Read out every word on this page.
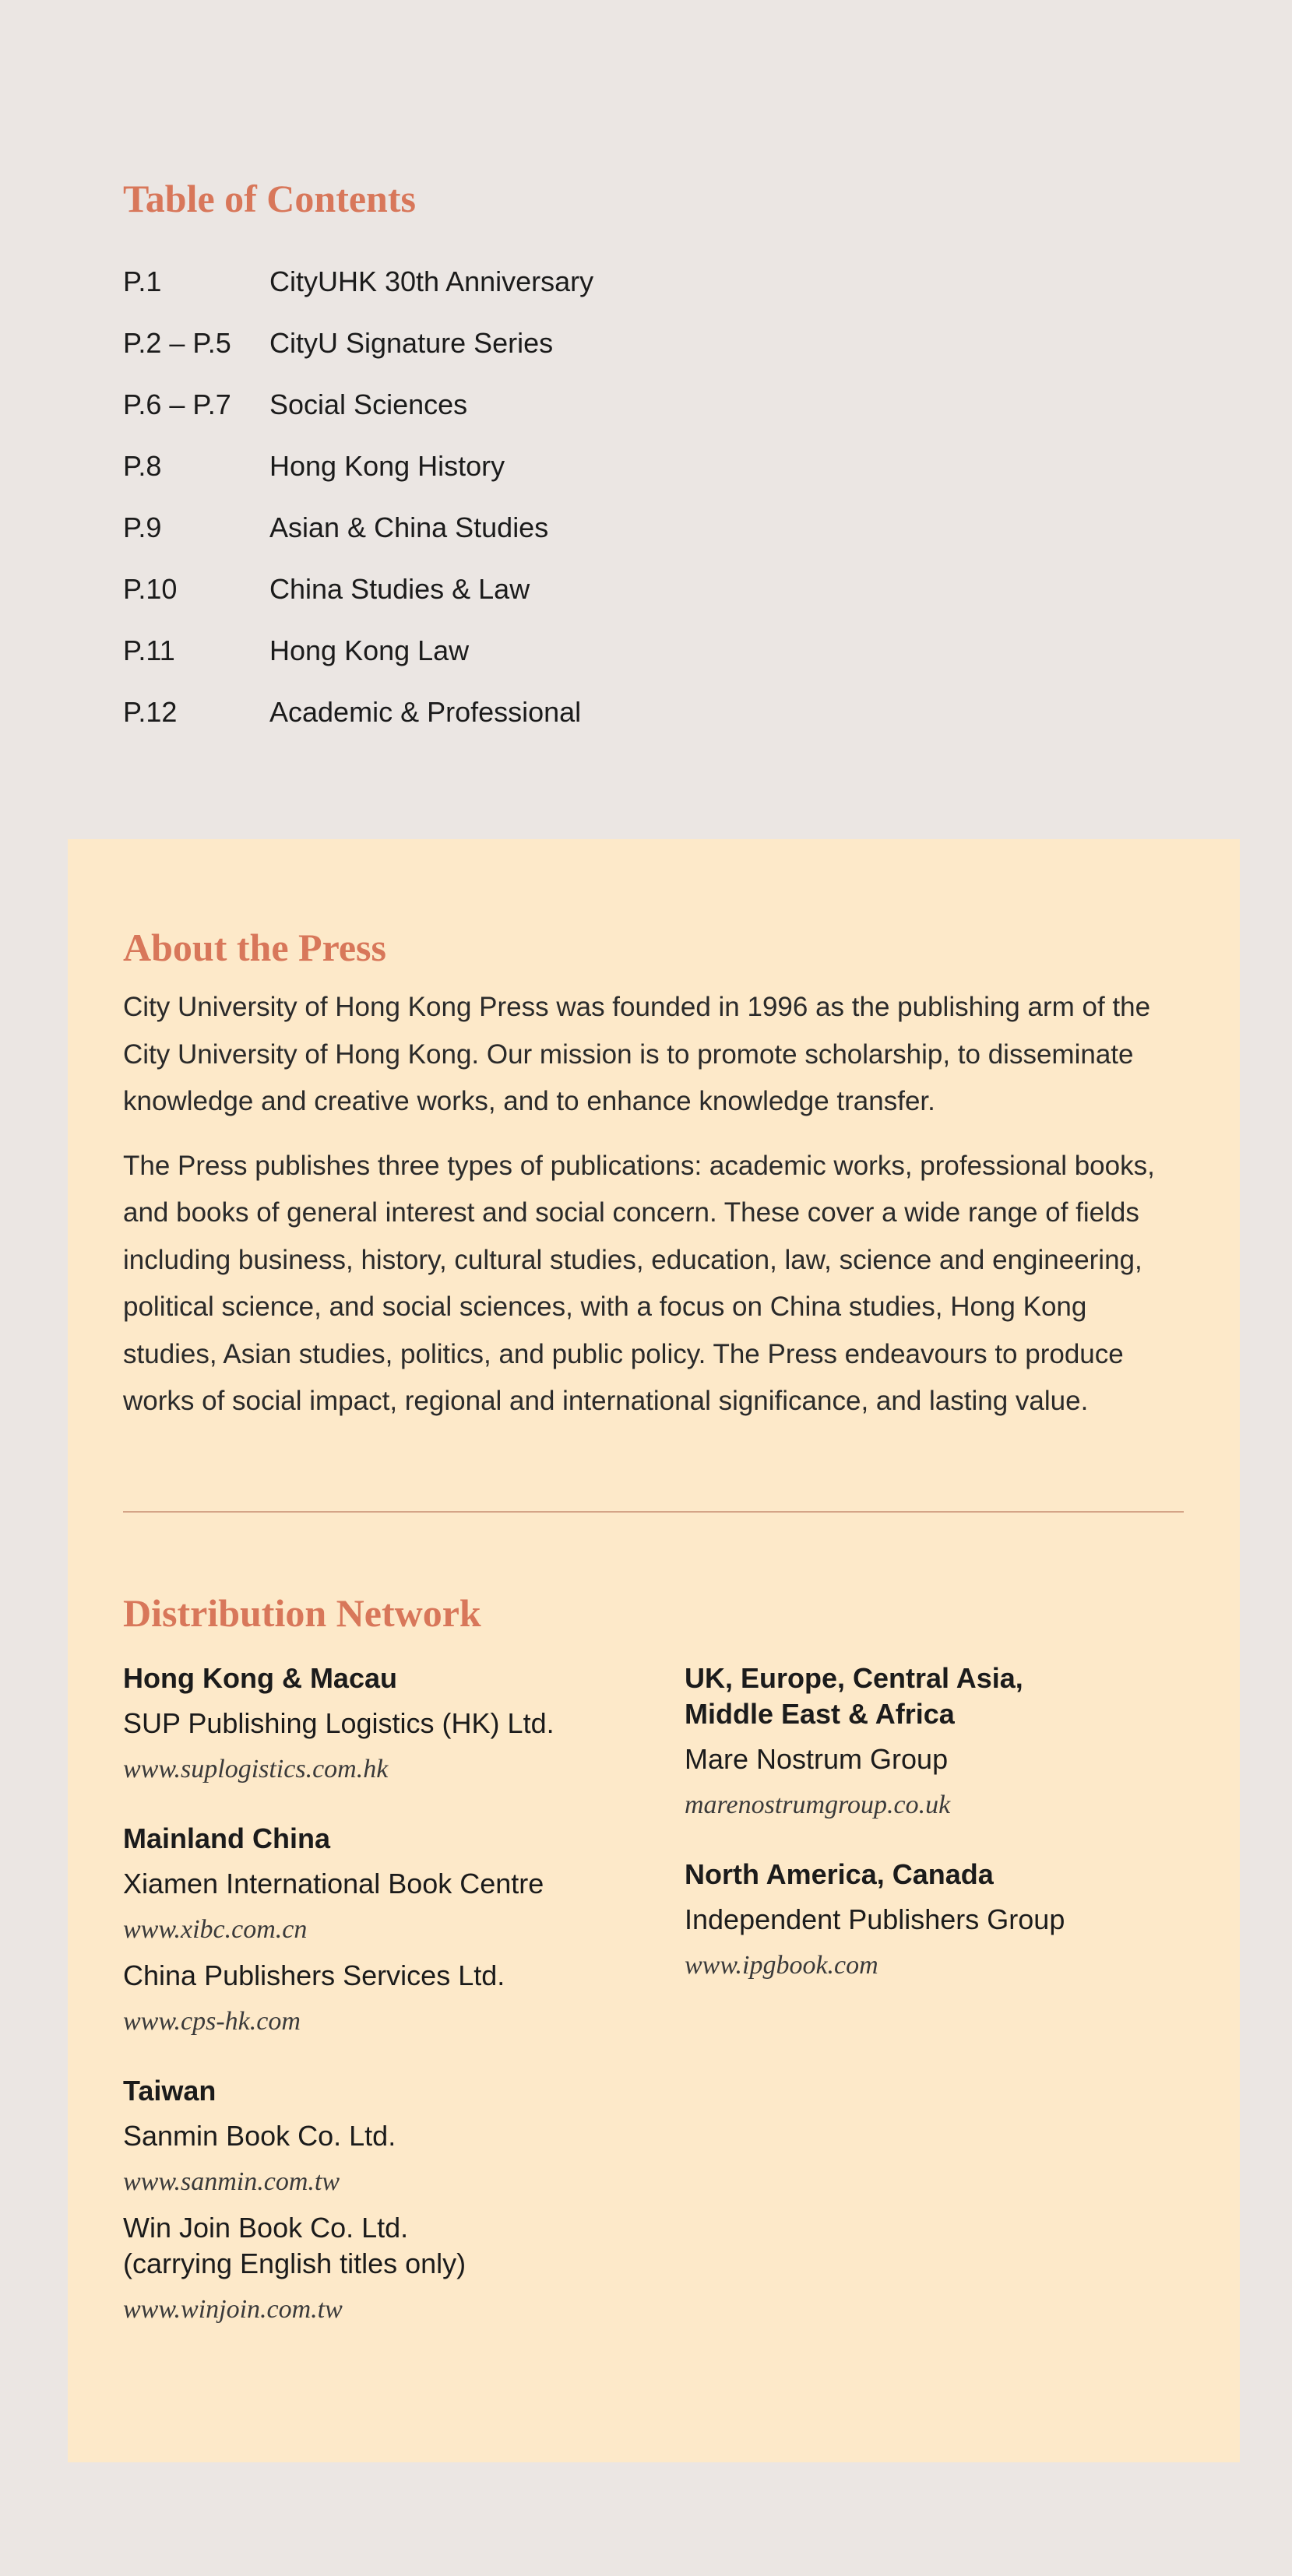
Table of Contents
P.1	CityUHK 30th Anniversary
P.2 – P.5	CityU Signature Series
P.6 – P.7	Social Sciences
P.8	Hong Kong History
P.9	Asian & China Studies
P.10	China Studies & Law
P.11	Hong Kong Law
P.12	Academic & Professional
About the Press

City University of Hong Kong Press was founded in 1996 as the publishing arm of the City University of Hong Kong. Our mission is to promote scholarship, to disseminate knowledge and creative works, and to enhance knowledge transfer.

The Press publishes three types of publications: academic works, professional books, and books of general interest and social concern. These cover a wide range of fields including business, history, cultural studies, education, law, science and engineering, political science, and social sciences, with a focus on China studies, Hong Kong studies, Asian studies, politics, and public policy. The Press endeavours to produce works of social impact, regional and international significance, and lasting value.

Distribution Network
Hong Kong & Macau
SUP Publishing Logistics (HK) Ltd.
www.suplogistics.com.hk
Mainland China
Xiamen International Book Centre
www.xibc.com.cn
China Publishers Services Ltd.
www.cps-hk.com
Taiwan
Sanmin Book Co. Ltd.
www.sanmin.com.tw
Win Join Book Co. Ltd.
(carrying English titles only)
www.winjoin.com.tw
UK, Europe, Central Asia,
Middle East & Africa
Mare Nostrum Group
marenostrumgroup.co.uk
North America, Canada
Independent Publishers Group
www.ipgbook.com
